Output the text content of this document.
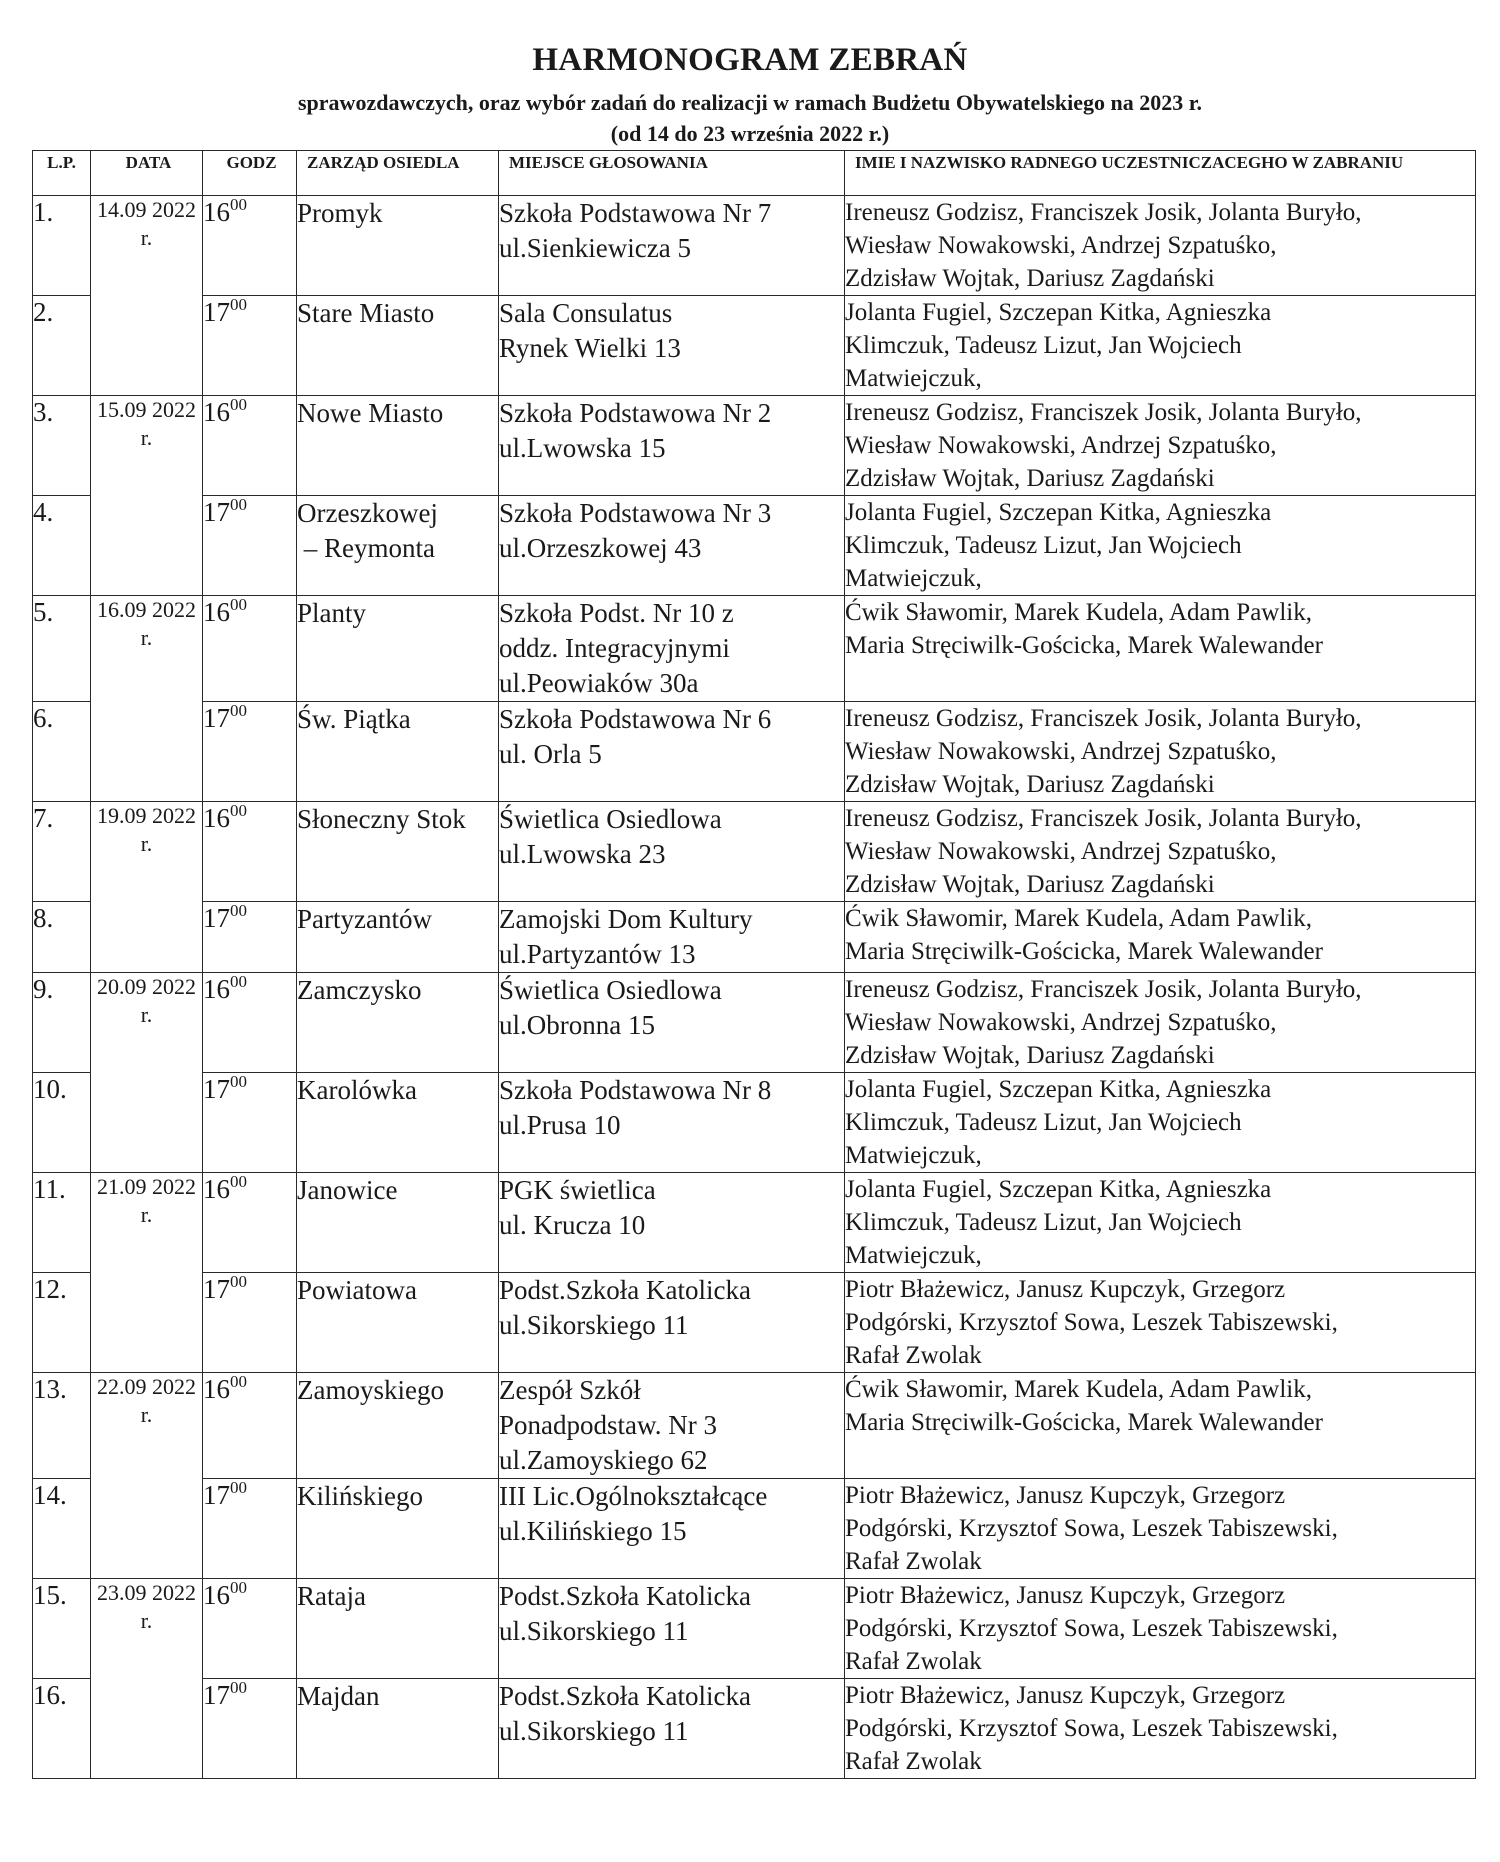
HARMONOGRAM ZEBRAŃ
sprawozdawczych, oraz wybór zadań do realizacji w ramach Budżetu Obywatelskiego na 2023 r.
(od 14 do 23 września 2022 r.)
L.P.	DATA	GODZ	ZARZĄD OSIEDLA	MIEJSCE GŁOSOWANIA	IMIE I NAZWISKO RADNEGO UCZESTNICZACEGHO W ZABRANIU
1.	14.09 2022 r.	$16^{00}$	Promyk	Szkoła Podstawowa Nr 7
ul.Sienkiewicza 5	Ireneusz Godzisz, Franciszek Josik, Jolanta Buryło,
Wiesław Nowakowski, Andrzej Szpatuśko,
Zdzisław Wojtak, Dariusz Zagdański

2.		$17^{00}$	Stare Miasto	Sala Consulatus
Rynek Wielki 13	Jolanta Fugiel, Szczepan Kitka, Agnieszka
Klimczuk, Tadeusz Lizut, Jan Wojciech
Matwiejczuk,

3.	15.09 2022 r.	$16^{00}$	Nowe Miasto	Szkoła Podstawowa Nr 2
ul.Lwowska 15	Ireneusz Godzisz, Franciszek Josik, Jolanta Buryło,
Wiesław Nowakowski, Andrzej Szpatuśko,
Zdzisław Wojtak, Dariusz Zagdański

4.		$17^{00}$	Orzeszkowej
– Reymonta	Szkoła Podstawowa Nr 3
ul.Orzeszkowej 43	Jolanta Fugiel, Szczepan Kitka, Agnieszka
Klimczuk, Tadeusz Lizut, Jan Wojciech
Matwiejczuk,

5.	16.09 2022 r.	$16^{00}$	Planty	Szkoła Podst. Nr 10 z
oddz. Integracyjnymi
ul.Peowiaków 30a	Ćwik Sławomir, Marek Kudela, Adam Pawlik,
Maria Stręciwilk-Gościcka, Marek Walewander

6.		$17^{00}$	Św. Piątka	Szkoła Podstawowa Nr 6
ul. Orla 5	Ireneusz Godzisz, Franciszek Josik, Jolanta Buryło,
Wiesław Nowakowski, Andrzej Szpatuśko,
Zdzisław Wojtak, Dariusz Zagdański

7.	19.09 2022 r.	$16^{00}$	Słoneczny Stok	Świetlica Osiedlowa
ul.Lwowska 23	Ireneusz Godzisz, Franciszek Josik, Jolanta Buryło,
Wiesław Nowakowski, Andrzej Szpatuśko,
Zdzisław Wojtak, Dariusz Zagdański

8.		$17^{00}$	Partyzantów	Zamojski Dom Kultury
ul.Partyzantów 13	Ćwik Sławomir, Marek Kudela, Adam Pawlik,
Maria Stręciwilk-Gościcka, Marek Walewander

9.	20.09 2022 r.	$16^{00}$	Zamczysko	Świetlica Osiedlowa
ul.Obronna 15	Ireneusz Godzisz, Franciszek Josik, Jolanta Buryło,
Wiesław Nowakowski, Andrzej Szpatuśko,
Zdzisław Wojtak, Dariusz Zagdański

10.		$17^{00}$	Karolówka	Szkoła Podstawowa Nr 8
ul.Prusa 10	Jolanta Fugiel, Szczepan Kitka, Agnieszka
Klimczuk, Tadeusz Lizut, Jan Wojciech
Matwiejczuk,

11.	21.09 2022 r.	$16^{00}$	Janowice	PGK świetlica
ul. Krucza 10	Jolanta Fugiel, Szczepan Kitka, Agnieszka
Klimczuk, Tadeusz Lizut, Jan Wojciech
Matwiejczuk,

12.		$17^{00}$	Powiatowa	Podst.Szkoła Katolicka
ul.Sikorskiego 11	Piotr Błażewicz, Janusz Kupczyk, Grzegorz
Podgórski, Krzysztof Sowa, Leszek Tabiszewski,
Rafał Zwolak

13.	22.09 2022 r.	$16^{00}$	Zamoyskiego	Zespół Szkół
Ponadpodstaw. Nr 3
ul.Zamoyskiego 62	Ćwik Sławomir, Marek Kudela, Adam Pawlik,
Maria Stręciwilk-Gościcka, Marek Walewander

14.		$17^{00}$	Kilińskiego	III Lic.Ogólnokształcące
ul.Kilińskiego 15	Piotr Błażewicz, Janusz Kupczyk, Grzegorz
Podgórski, Krzysztof Sowa, Leszek Tabiszewski,
Rafał Zwolak

15.	23.09 2022 r.	$16^{00}$	Rataja	Podst.Szkoła Katolicka
ul.Sikorskiego 11	Piotr Błażewicz, Janusz Kupczyk, Grzegorz
Podgórski, Krzysztof Sowa, Leszek Tabiszewski,
Rafał Zwolak

16.		$17^{00}$	Majdan	Podst.Szkoła Katolicka
ul.Sikorskiego 11	Piotr Błażewicz, Janusz Kupczyk, Grzegorz
Podgórski, Krzysztof Sowa, Leszek Tabiszewski,
Rafał Zwolak
